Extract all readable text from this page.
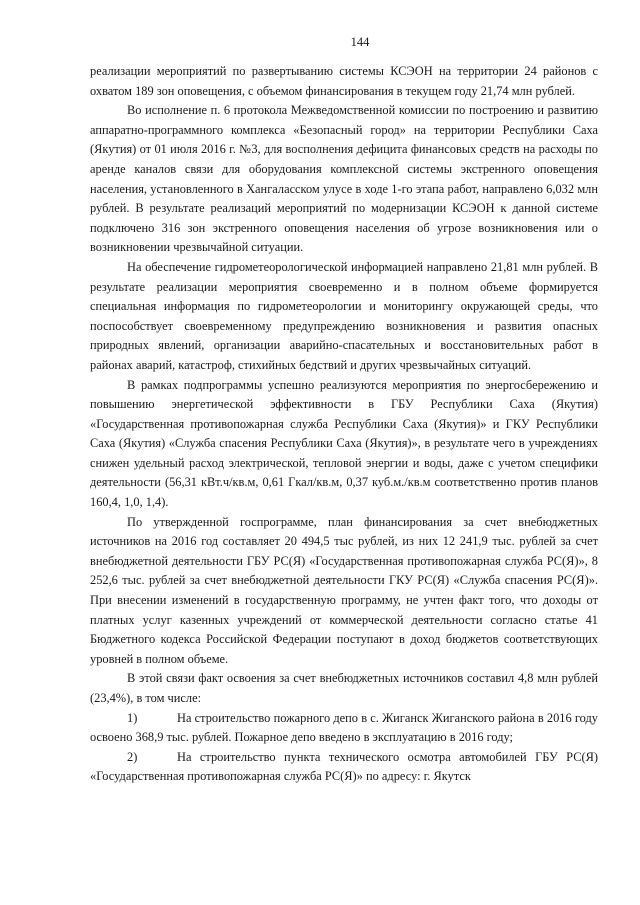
144

реализации мероприятий по развертыванию системы КСЭОН на территории 24 районов с охватом 189 зон оповещения, с объемом финансирования в текущем году 21,74 млн рублей.

Во исполнение п. 6 протокола Межведомственной комиссии по построению и развитию аппаратно-программного комплекса «Безопасный город» на территории Республики Саха (Якутия) от 01 июля 2016 г. №3, для восполнения дефицита финансовых средств на расходы по аренде каналов связи для оборудования комплексной системы экстренного оповещения населения, установленного в Хангаласском улусе в ходе 1-го этапа работ, направлено 6,032 млн рублей. В результате реализаций мероприятий по модернизации КСЭОН к данной системе подключено 316 зон экстренного оповещения населения об угрозе возникновения или о возникновении чрезвычайной ситуации.

На обеспечение гидрометеорологической информацией направлено 21,81 млн рублей. В результате реализации мероприятия своевременно и в полном объеме формируется специальная информация по гидрометеорологии и мониторингу окружающей среды, что поспособствует своевременному предупреждению возникновения и развития опасных природных явлений, организации аварийно-спасательных и восстановительных работ в районах аварий, катастроф, стихийных бедствий и других чрезвычайных ситуаций.

В рамках подпрограммы успешно реализуются мероприятия по энергосбережению и повышению энергетической эффективности в ГБУ Республики Саха (Якутия) «Государственная противопожарная служба Республики Саха (Якутия)» и ГКУ Республики Саха (Якутия) «Служба спасения Республики Саха (Якутия)», в результате чего в учреждениях снижен удельный расход электрической, тепловой энергии и воды, даже с учетом специфики деятельности (56,31 кВт.ч/кв.м, 0,61 Гкал/кв.м, 0,37 куб.м./кв.м соответственно против планов 160,4, 1,0, 1,4).

По утвержденной госпрограмме, план финансирования за счет внебюджетных источников на 2016 год составляет 20 494,5 тыс рублей, из них 12 241,9 тыс. рублей за счет внебюджетной деятельности ГБУ РС(Я) «Государственная противопожарная служба РС(Я)», 8 252,6 тыс. рублей за счет внебюджетной деятельности ГКУ РС(Я) «Служба спасения РС(Я)». При внесении изменений в государственную программу, не учтен факт того, что доходы от платных услуг казенных учреждений от коммерческой деятельности согласно статье 41 Бюджетного кодекса Российской Федерации поступают в доход бюджетов соответствующих уровней в полном объеме.

В этой связи факт освоения за счет внебюджетных источников составил 4,8 млн рублей (23,4%), в том числе:

1)	На строительство пожарного депо в с. Жиганск Жиганского района в 2016 году освоено 368,9 тыс. рублей. Пожарное депо введено в эксплуатацию в 2016 году;

2)	На строительство пункта технического осмотра автомобилей ГБУ РС(Я) «Государственная противопожарная служба РС(Я)» по адресу: г. Якутск
